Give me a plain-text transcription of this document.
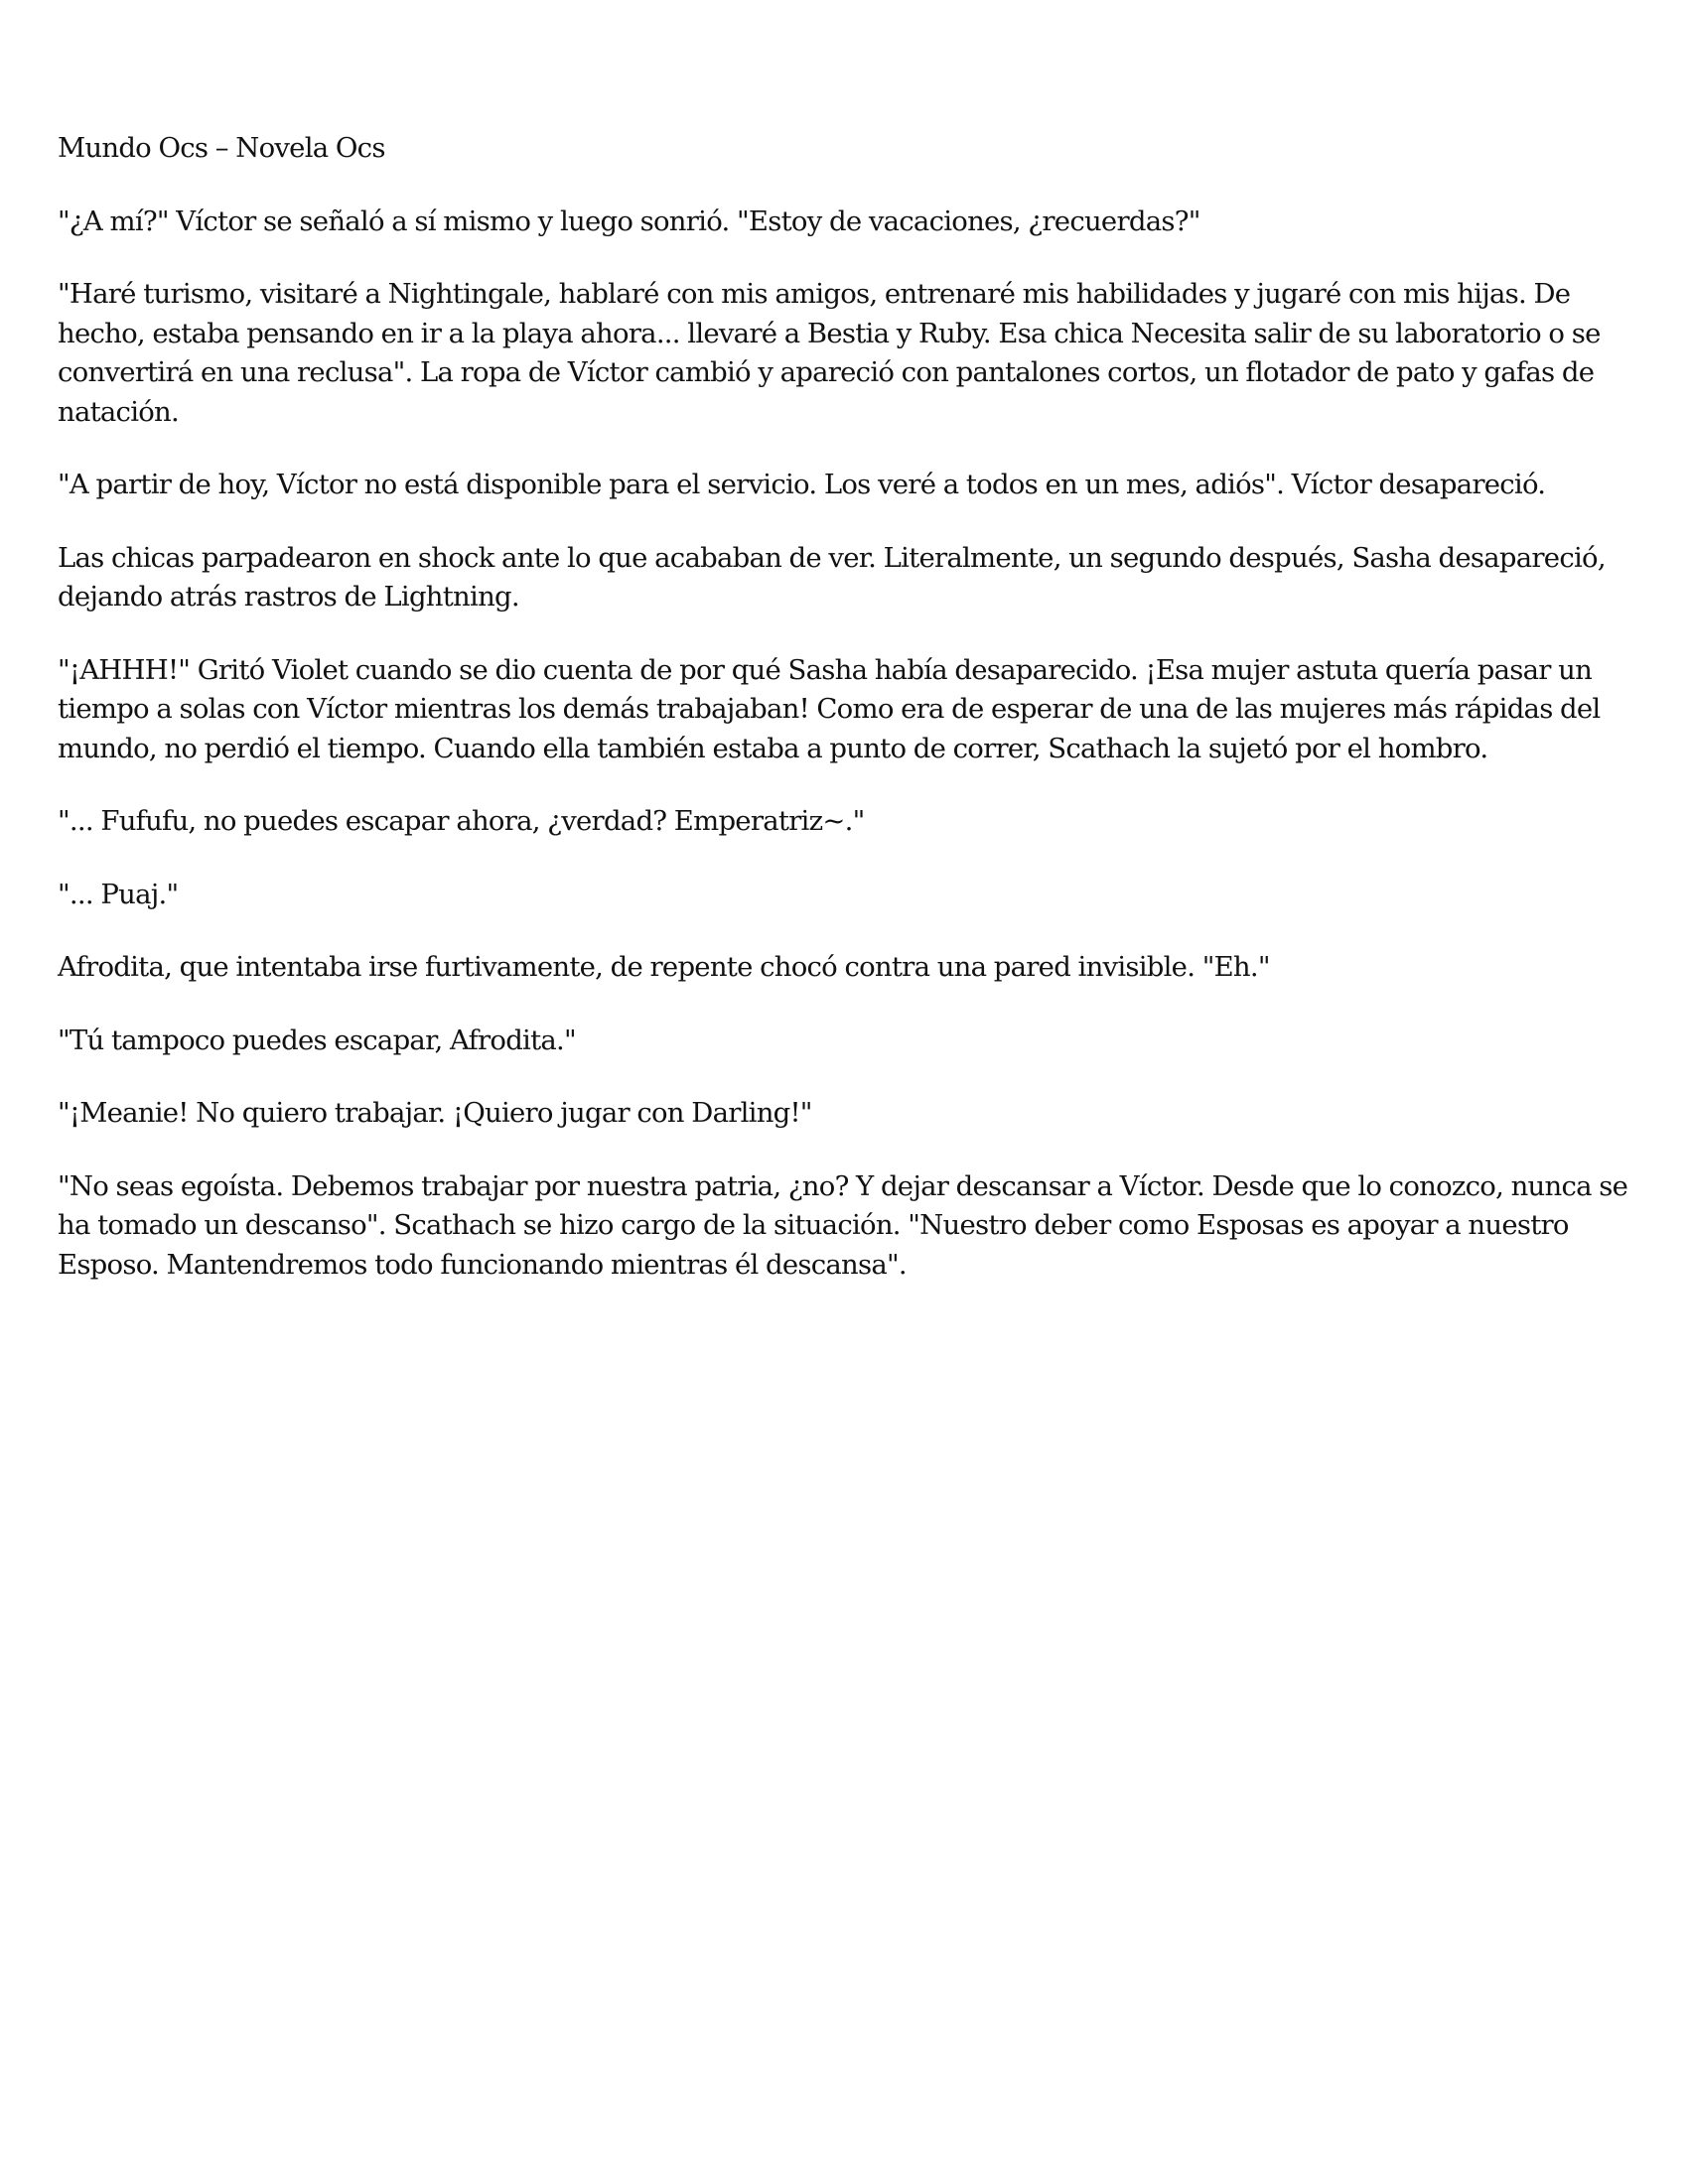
Mundo Ocs – Novela Ocs

"¿A mí?" Víctor se señaló a sí mismo y luego sonrió. "Estoy de vacaciones, ¿recuerdas?"

"Haré turismo, visitaré a Nightingale, hablaré con mis amigos, entrenaré mis habilidades y jugaré con mis hijas. De hecho, estaba pensando en ir a la playa ahora... llevaré a Bestia y Ruby. Esa chica Necesita salir de su laboratorio o se convertirá en una reclusa". La ropa de Víctor cambió y apareció con pantalones cortos, un flotador de pato y gafas de natación.

"A partir de hoy, Víctor no está disponible para el servicio. Los veré a todos en un mes, adiós". Víctor desapareció.

Las chicas parpadearon en shock ante lo que acababan de ver. Literalmente, un segundo después, Sasha desapareció, dejando atrás rastros de Lightning.

"¡AHHH!" Gritó Violet cuando se dio cuenta de por qué Sasha había desaparecido. ¡Esa mujer astuta quería pasar un tiempo a solas con Víctor mientras los demás trabajaban! Como era de esperar de una de las mujeres más rápidas del mundo, no perdió el tiempo. Cuando ella también estaba a punto de correr, Scathach la sujetó por el hombro.

"... Fufufu, no puedes escapar ahora, ¿verdad? Emperatriz~."

"... Puaj."

Afrodita, que intentaba irse furtivamente, de repente chocó contra una pared invisible. "Eh."

"Tú tampoco puedes escapar, Afrodita."

"¡Meanie! No quiero trabajar. ¡Quiero jugar con Darling!"

"No seas egoísta. Debemos trabajar por nuestra patria, ¿no? Y dejar descansar a Víctor. Desde que lo conozco, nunca se ha tomado un descanso". Scathach se hizo cargo de la situación. "Nuestro deber como Esposas es apoyar a nuestro Esposo. Mantendremos todo funcionando mientras él descansa".
